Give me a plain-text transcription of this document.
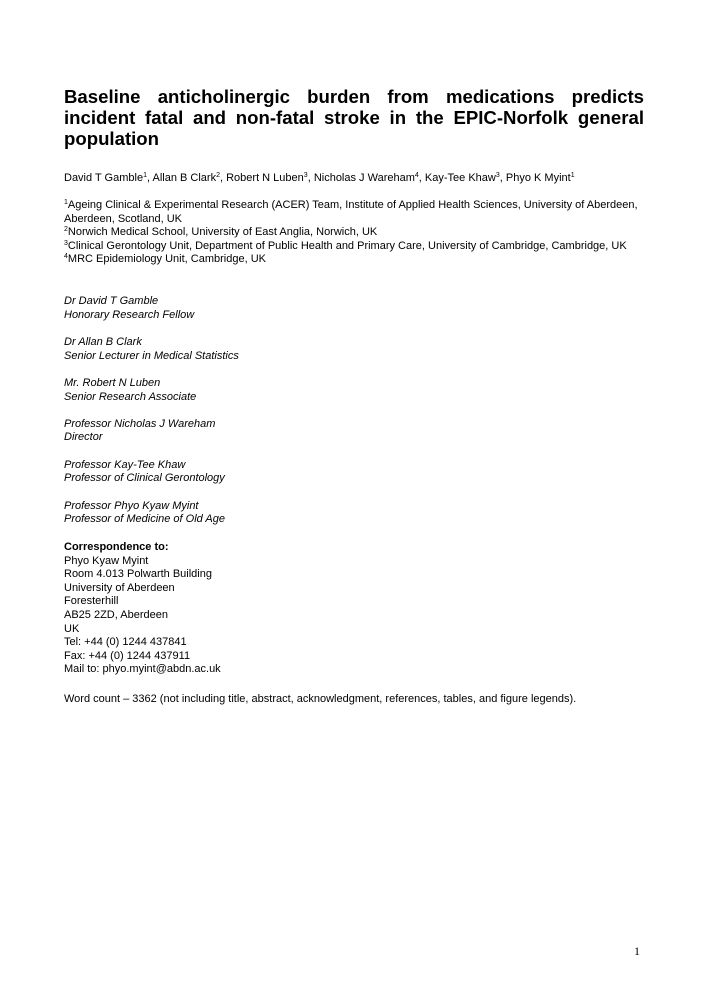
Baseline anticholinergic burden from medications predicts incident fatal and non-fatal stroke in the EPIC-Norfolk general population
David T Gamble$^1$, Allan B Clark$^2$, Robert N Luben$^3$, Nicholas J Wareham$^4$, Kay-Tee Khaw$^3$, Phyo K Myint$^1$

$^1$Ageing Clinical & Experimental Research (ACER) Team, Institute of Applied Health Sciences, University of Aberdeen, Aberdeen, Scotland, UK

$^2$Norwich Medical School, University of East Anglia, Norwich, UK

$^3$Clinical Gerontology Unit, Department of Public Health and Primary Care, University of Cambridge, Cambridge, UK

$^4$MRC Epidemiology Unit, Cambridge, UK

Dr David T Gamble
Honorary Research Fellow
Dr Allan B Clark
Senior Lecturer in Medical Statistics
Mr. Robert N Luben
Senior Research Associate
Professor Nicholas J Wareham
Director
Professor Kay-Tee Khaw
Professor of Clinical Gerontology
Professor Phyo Kyaw Myint
Professor of Medicine of Old Age
Correspondence to:
Phyo Kyaw Myint
Room 4.013 Polwarth Building
University of Aberdeen
Foresterhill
AB25 2ZD, Aberdeen
UK
Tel: +44 (0) 1244 437841
Fax: +44 (0) 1244 437911
Mail to: phyo.myint@abdn.ac.uk
Word count – 3362 (not including title, abstract, acknowledgment, references, tables, and figure legends).
1
